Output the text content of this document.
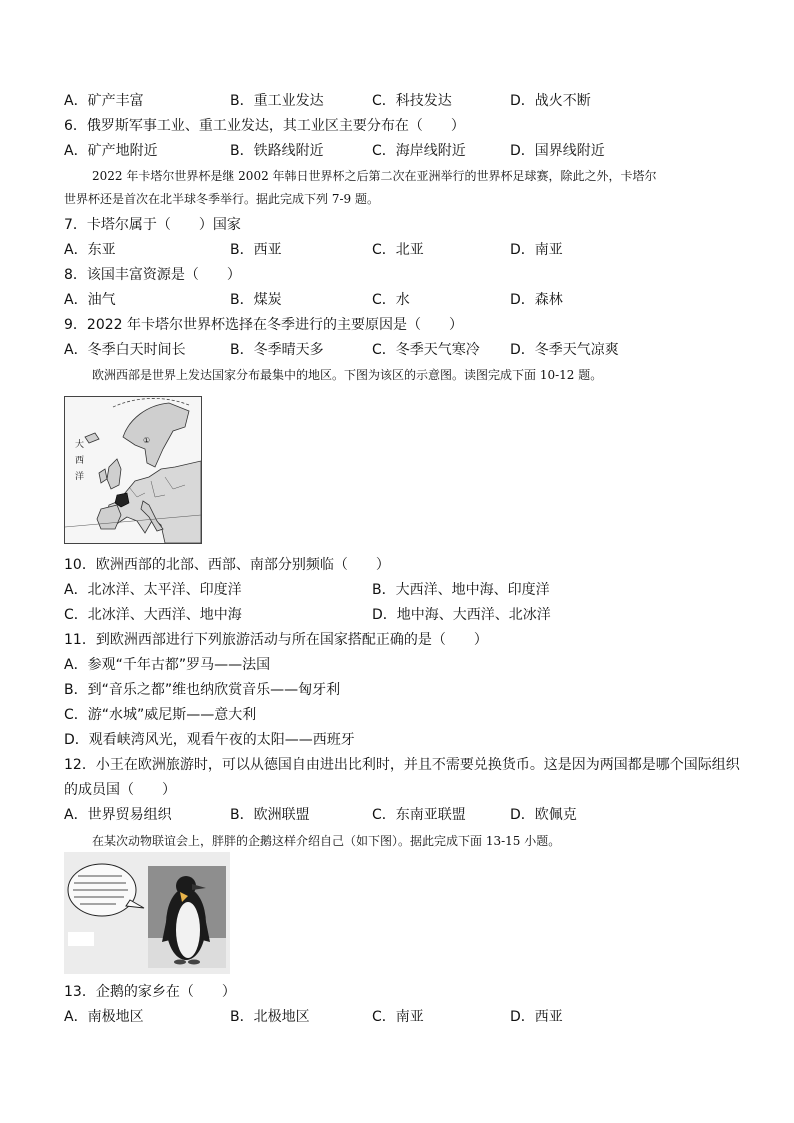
A．矿产丰富	B．重工业发达	C．科技发达	D．战火不断
6．俄罗斯军事工业、重工业发达，其工业区主要分布在（　　）
A．矿产地附近	B．铁路线附近	C．海岸线附近	D．国界线附近
2022 年卡塔尔世界杯是继 2002 年韩日世界杯之后第二次在亚洲举行的世界杯足球赛，除此之外，卡塔尔
世界杯还是首次在北半球冬季举行。据此完成下列 7-9 题。
7．卡塔尔属于（　　）国家
A．东亚	B．西亚	C．北亚	D．南亚
8．该国丰富资源是（　　）
A．油气	B．煤炭	C．水	D．森林
9．2022 年卡塔尔世界杯选择在冬季进行的主要原因是（　　）
A．冬季白天时间长	B．冬季晴天多	C．冬季天气寒冷 D．冬季天气凉爽
欧洲西部是世界上发达国家分布最集中的地区。下图为该区的示意图。读图完成下面 10-12 题。
大
西
洋
①
10．欧洲西部的北部、西部、南部分别频临（　　）
A．北冰洋、太平洋、印度洋	B．大西洋、地中海、印度洋
C．北冰洋、大西洋、地中海	D．地中海、大西洋、北冰洋
11．到欧洲西部进行下列旅游活动与所在国家搭配正确的是（　　）
A．参观“千年古都”罗马——法国
B．到“音乐之都”维也纳欣赏音乐——匈牙利
C．游“水城”威尼斯——意大利
D．观看峡湾风光，观看午夜的太阳——西班牙
12．小王在欧洲旅游时，可以从德国自由进出比利时，并且不需要兑换货币。这是因为两国都是哪个国际组织
的成员国（　　）
A．世界贸易组织	B．欧洲联盟	C．东南亚联盟	D．欧佩克
在某次动物联谊会上，胖胖的企鹅这样介绍自己（如下图）。据此完成下面 13-15 小题。
13．企鹅的家乡在（　　）
A．南极地区	B．北极地区	C．南亚	D．西亚
